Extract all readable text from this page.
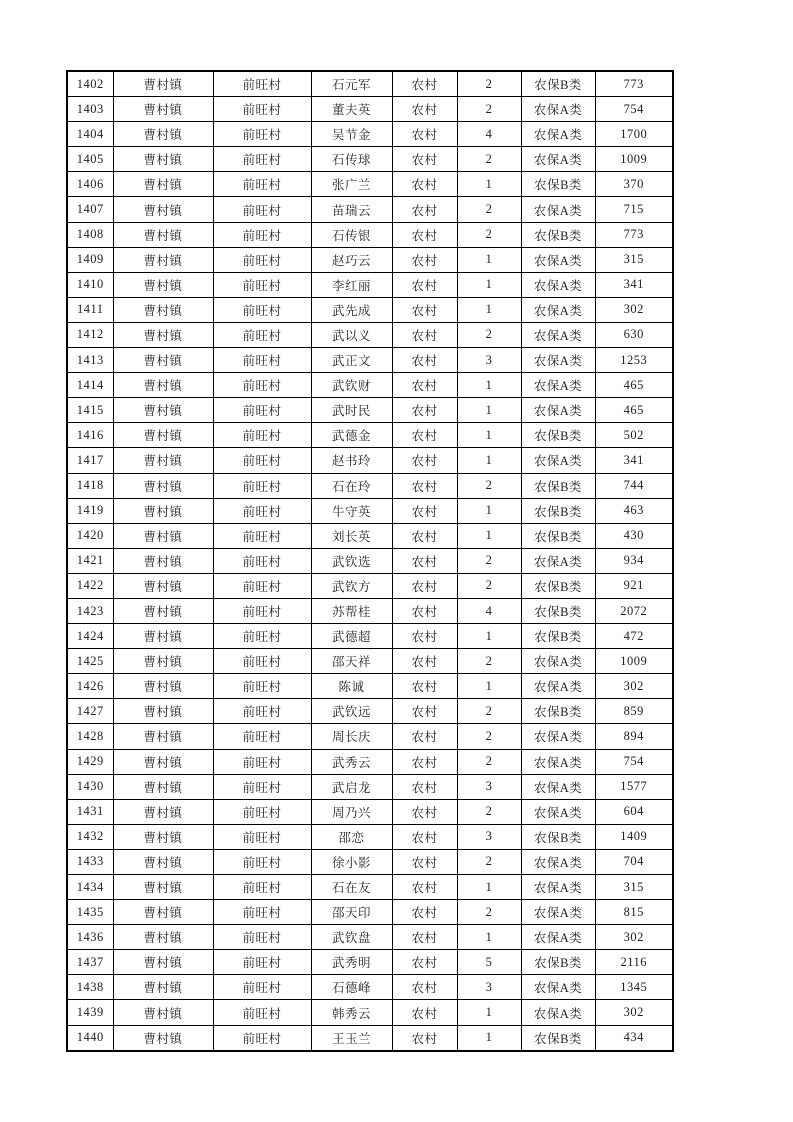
1402	曹村镇	前旺村	石元军	农村	2	农保B类	773
1403	曹村镇	前旺村	董夫英	农村	2	农保A类	754
1404	曹村镇	前旺村	吴节金	农村	4	农保A类	1700
1405	曹村镇	前旺村	石传球	农村	2	农保A类	1009
1406	曹村镇	前旺村	张广兰	农村	1	农保B类	370
1407	曹村镇	前旺村	苗瑞云	农村	2	农保A类	715
1408	曹村镇	前旺村	石传银	农村	2	农保B类	773
1409	曹村镇	前旺村	赵巧云	农村	1	农保A类	315
1410	曹村镇	前旺村	李红丽	农村	1	农保A类	341
1411	曹村镇	前旺村	武先成	农村	1	农保A类	302
1412	曹村镇	前旺村	武以义	农村	2	农保A类	630
1413	曹村镇	前旺村	武正文	农村	3	农保A类	1253
1414	曹村镇	前旺村	武钦财	农村	1	农保A类	465
1415	曹村镇	前旺村	武时民	农村	1	农保A类	465
1416	曹村镇	前旺村	武德金	农村	1	农保B类	502
1417	曹村镇	前旺村	赵书玲	农村	1	农保A类	341
1418	曹村镇	前旺村	石在玲	农村	2	农保B类	744
1419	曹村镇	前旺村	牛守英	农村	1	农保B类	463
1420	曹村镇	前旺村	刘长英	农村	1	农保B类	430
1421	曹村镇	前旺村	武钦选	农村	2	农保A类	934
1422	曹村镇	前旺村	武钦方	农村	2	农保B类	921
1423	曹村镇	前旺村	苏帮桂	农村	4	农保B类	2072
1424	曹村镇	前旺村	武德超	农村	1	农保B类	472
1425	曹村镇	前旺村	邵天祥	农村	2	农保A类	1009
1426	曹村镇	前旺村	陈诚	农村	1	农保A类	302
1427	曹村镇	前旺村	武钦远	农村	2	农保B类	859
1428	曹村镇	前旺村	周长庆	农村	2	农保A类	894
1429	曹村镇	前旺村	武秀云	农村	2	农保A类	754
1430	曹村镇	前旺村	武启龙	农村	3	农保A类	1577
1431	曹村镇	前旺村	周乃兴	农村	2	农保A类	604
1432	曹村镇	前旺村	邵恋	农村	3	农保B类	1409
1433	曹村镇	前旺村	徐小影	农村	2	农保A类	704
1434	曹村镇	前旺村	石在友	农村	1	农保A类	315
1435	曹村镇	前旺村	邵天印	农村	2	农保A类	815
1436	曹村镇	前旺村	武钦盘	农村	1	农保A类	302
1437	曹村镇	前旺村	武秀明	农村	5	农保B类	2116
1438	曹村镇	前旺村	石德峰	农村	3	农保A类	1345
1439	曹村镇	前旺村	韩秀云	农村	1	农保A类	302
1440	曹村镇	前旺村	王玉兰	农村	1	农保B类	434
